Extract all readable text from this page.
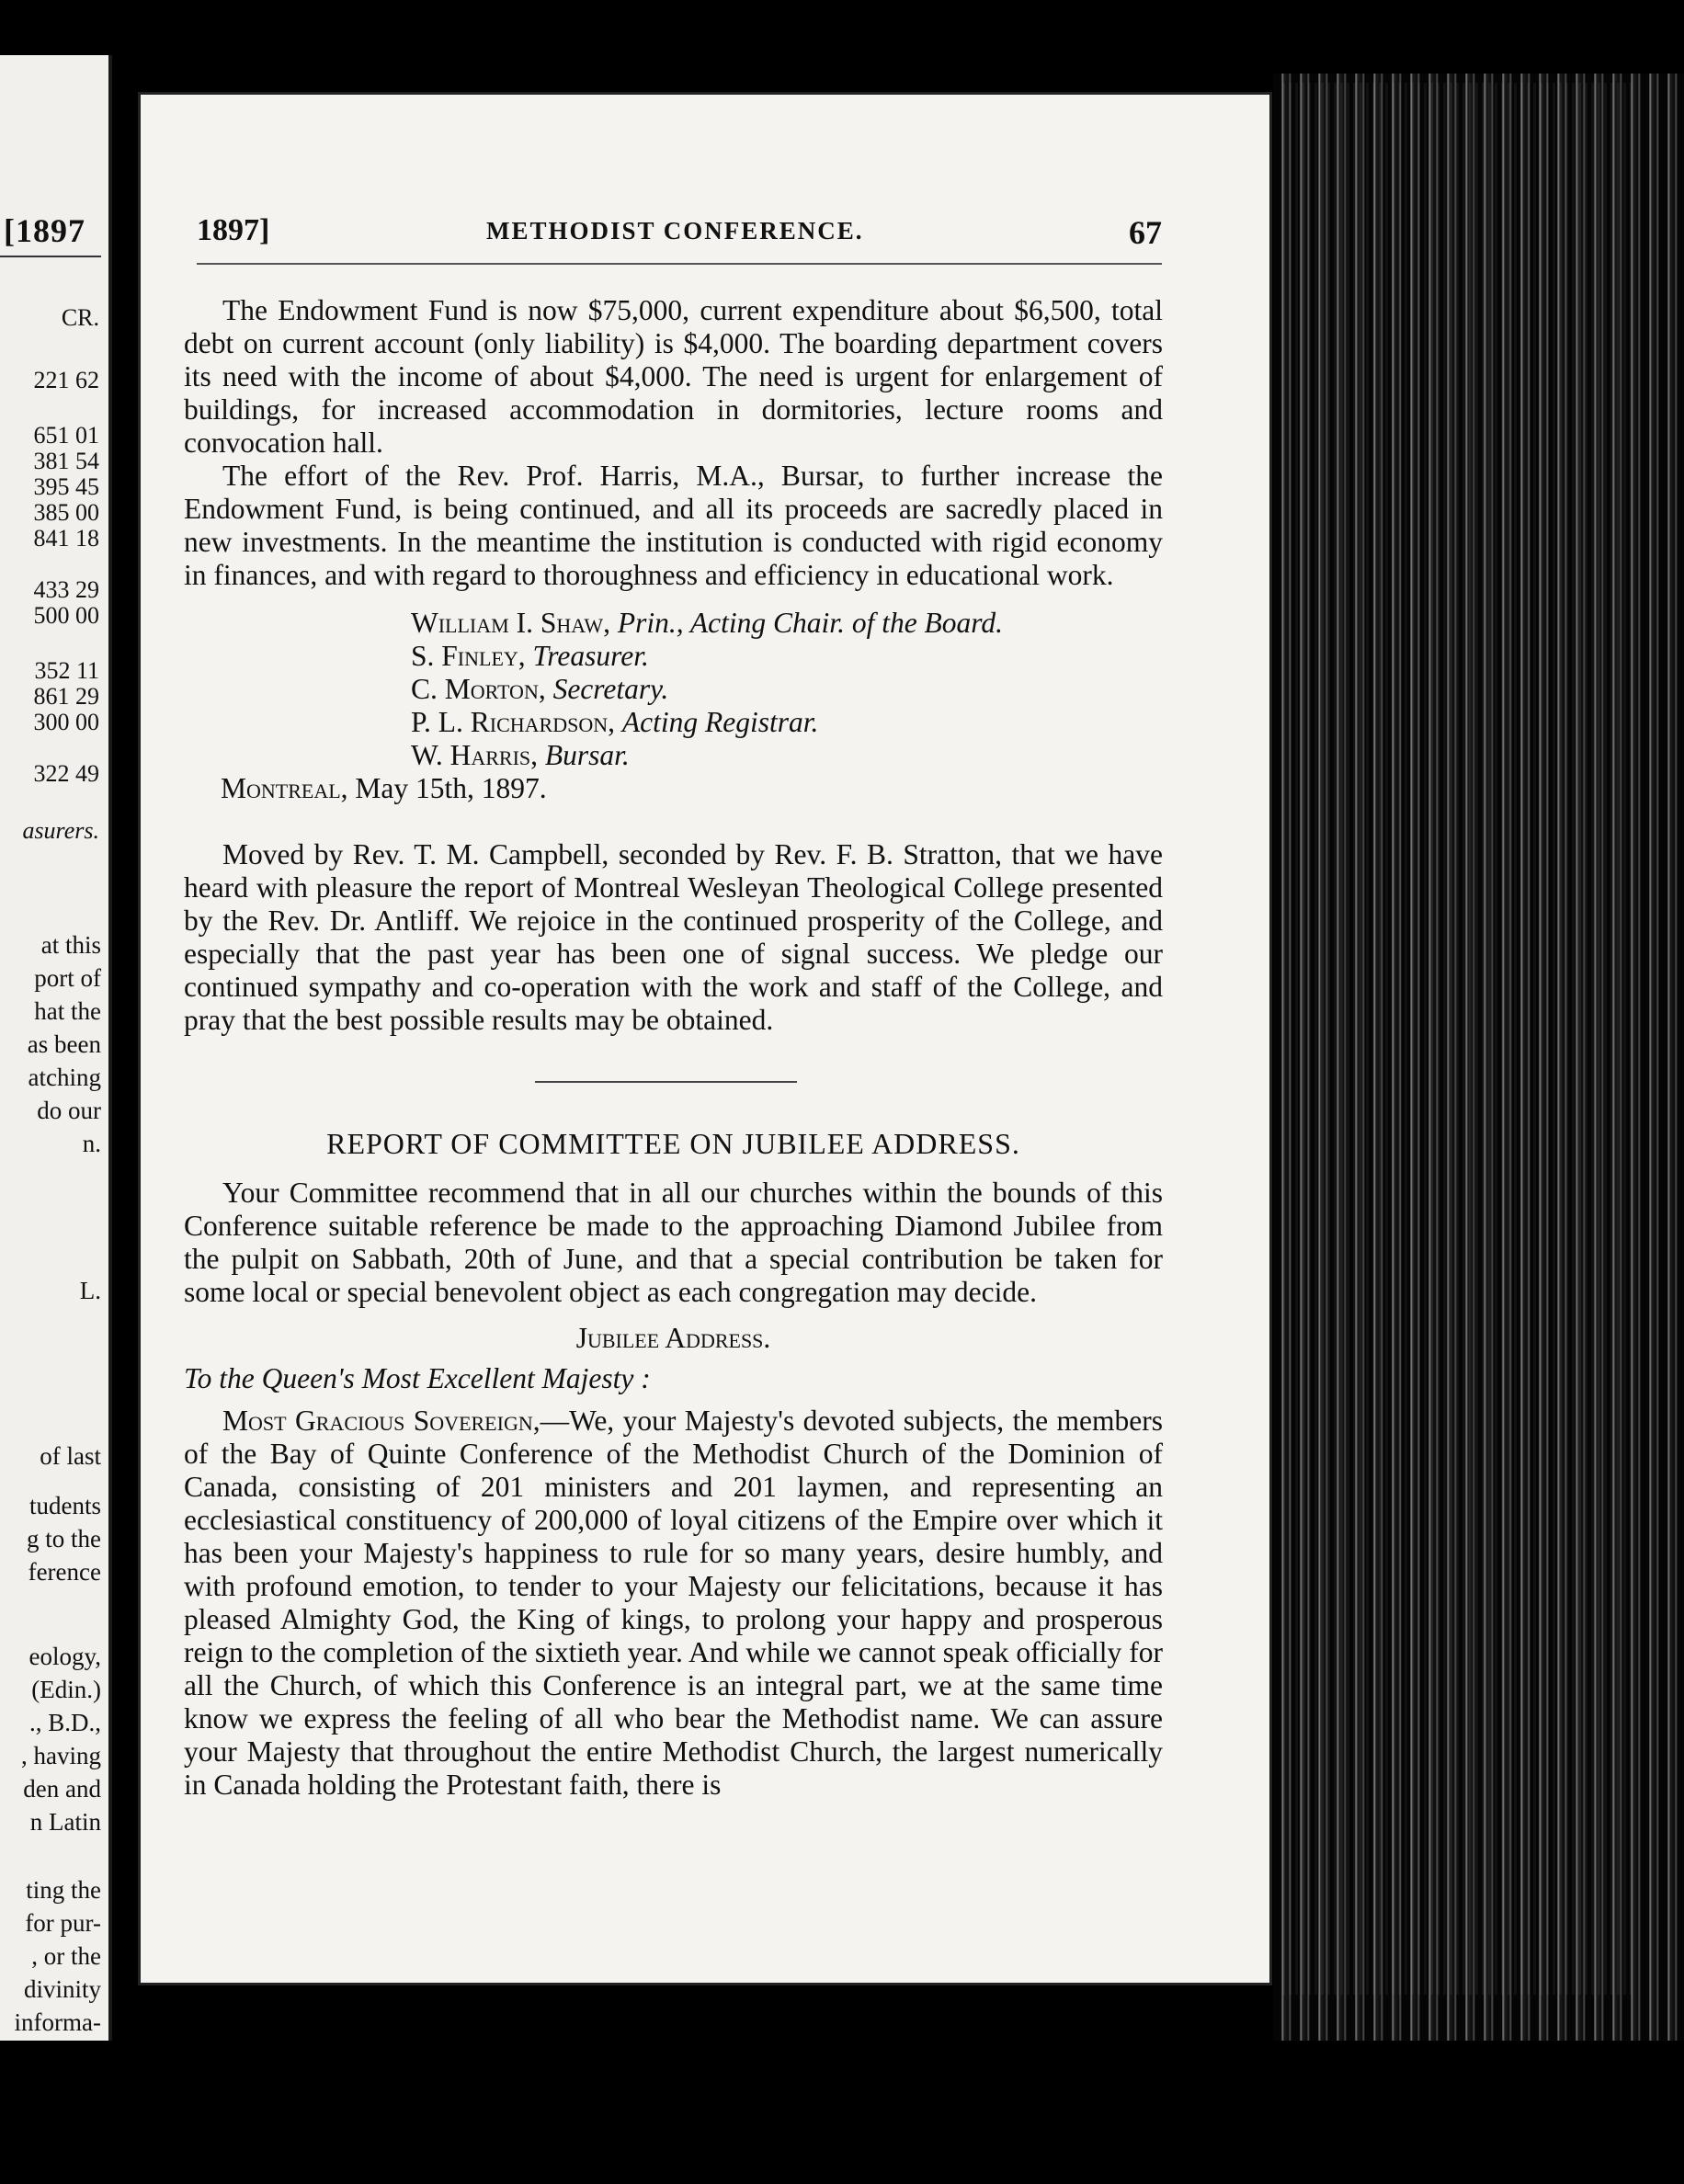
[1897
CR.
221 62
651 01
381 54
395 45
385 00
841 18
433 29
500 00
352 11
861 29
300 00
322 49
asurers.

at this
port of
hat the
as been
atching
do our
n.

L.

of last
tudents
g to the
ference

eology,
(Edin.)
., B.D.,
, having
den and
n Latin

ting the
for pur-
, or the
divinity
informa-

1897]	METHODIST CONFERENCE.	67

The Endowment Fund is now $75,000, current expenditure about $6,500, total debt on current account (only liability) is $4,000. The boarding department covers its need with the income of about $4,000. The need is urgent for enlargement of buildings, for increased accommodation in dormitories, lecture rooms and convocation hall.

The effort of the Rev. Prof. Harris, M.A., Bursar, to further increase the Endowment Fund, is being continued, and all its proceeds are sacredly placed in new investments. In the meantime the institution is conducted with rigid economy in finances, and with regard to thoroughness and efficiency in educational work.

William I. Shaw, Prin., Acting Chair. of the Board.
S. Finley, Treasurer.
C. Morton, Secretary.
P. L. Richardson, Acting Registrar.
W. Harris, Bursar.

Montreal, May 15th, 1897.

Moved by Rev. T. M. Campbell, seconded by Rev. F. B. Stratton, that we have heard with pleasure the report of Montreal Wesleyan Theological College presented by the Rev. Dr. Antliff. We rejoice in the continued prosperity of the College, and especially that the past year has been one of signal success. We pledge our continued sympathy and co-operation with the work and staff of the College, and pray that the best possible results may be obtained.

REPORT OF COMMITTEE ON JUBILEE ADDRESS.

Your Committee recommend that in all our churches within the bounds of this Conference suitable reference be made to the approaching Diamond Jubilee from the pulpit on Sabbath, 20th of June, and that a special contribution be taken for some local or special benevolent object as each congregation may decide.

Jubilee Address.
To the Queen's Most Excellent Majesty :

Most Gracious Sovereign,—We, your Majesty's devoted subjects, the members of the Bay of Quinte Conference of the Methodist Church of the Dominion of Canada, consisting of 201 ministers and 201 laymen, and representing an ecclesiastical constituency of 200,000 of loyal citizens of the Empire over which it has been your Majesty's happiness to rule for so many years, desire humbly, and with profound emotion, to tender to your Majesty our felicitations, because it has pleased Almighty God, the King of kings, to prolong your happy and prosperous reign to the completion of the sixtieth year. And while we cannot speak officially for all the Church, of which this Conference is an integral part, we at the same time know we express the feeling of all who bear the Methodist name. We can assure your Majesty that throughout the entire Methodist Church, the largest numerically in Canada holding the Protestant faith, there is
